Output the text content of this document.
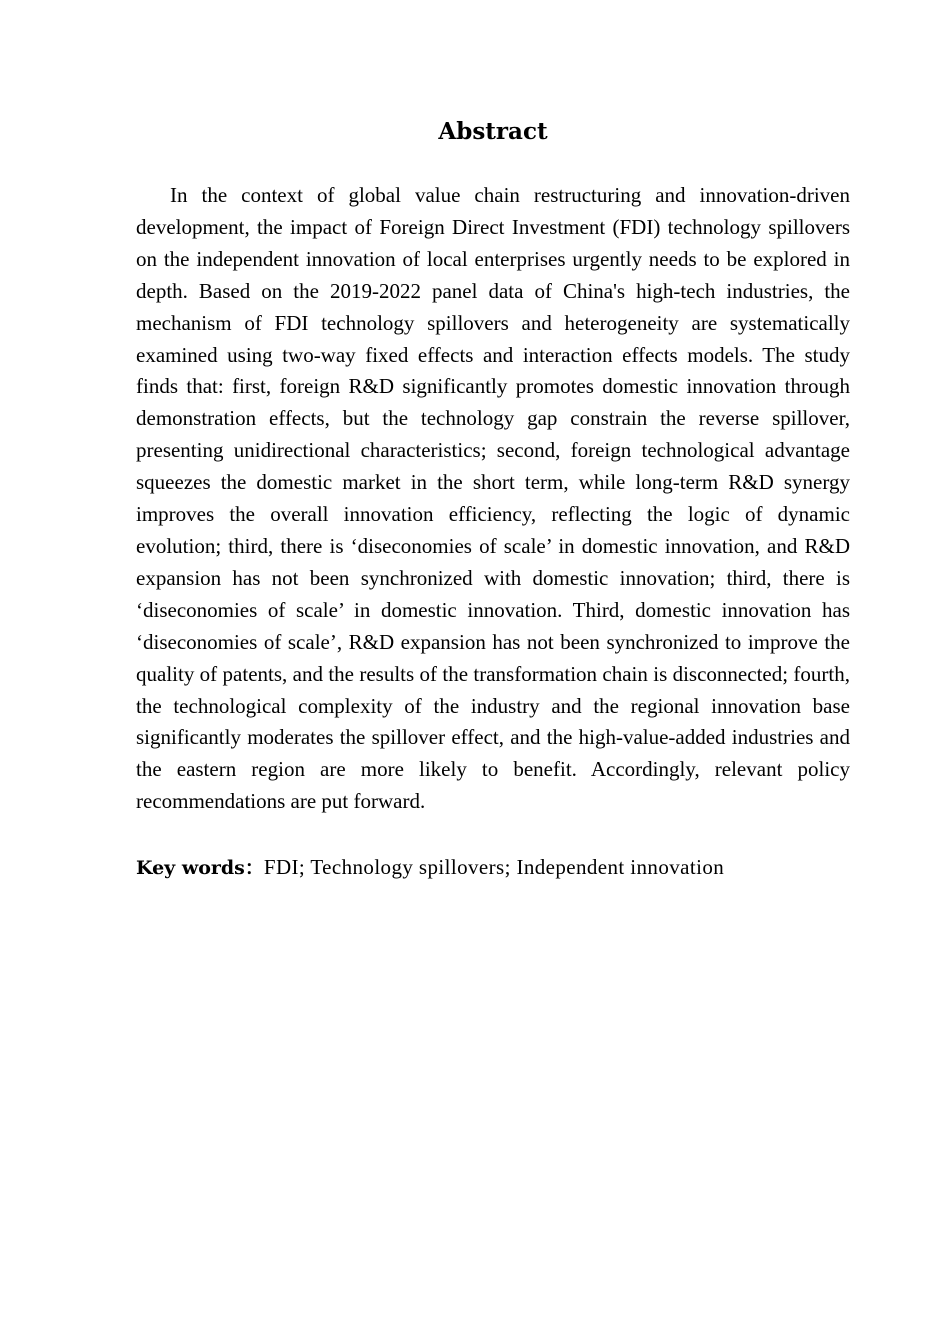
Abstract

In the context of global value chain restructuring and innovation-driven development, the impact of Foreign Direct Investment (FDI) technology spillovers on the independent innovation of local enterprises urgently needs to be explored in depth. Based on the 2019-2022 panel data of China's high-tech industries, the mechanism of FDI technology spillovers and heterogeneity are systematically examined using two-way fixed effects and interaction effects models. The study finds that: first, foreign R&D significantly promotes domestic innovation through demonstration effects, but the technology gap constrain the reverse spillover, presenting unidirectional characteristics; second, foreign technological advantage squeezes the domestic market in the short term, while long-term R&D synergy improves the overall innovation efficiency, reflecting the logic of dynamic evolution; third, there is ‘diseconomies of scale’ in domestic innovation, and R&D expansion has not been synchronized with domestic innovation; third, there is ‘diseconomies of scale’ in domestic innovation. Third, domestic innovation has ‘diseconomies of scale’, R&D expansion has not been synchronized to improve the quality of patents, and the results of the transformation chain is disconnected; fourth, the technological complexity of the industry and the regional innovation base significantly moderates the spillover effect, and the high-value-added industries and the eastern region are more likely to benefit. Accordingly, relevant policy recommendations are put forward.

Key words：FDI; Technology spillovers; Independent innovation
